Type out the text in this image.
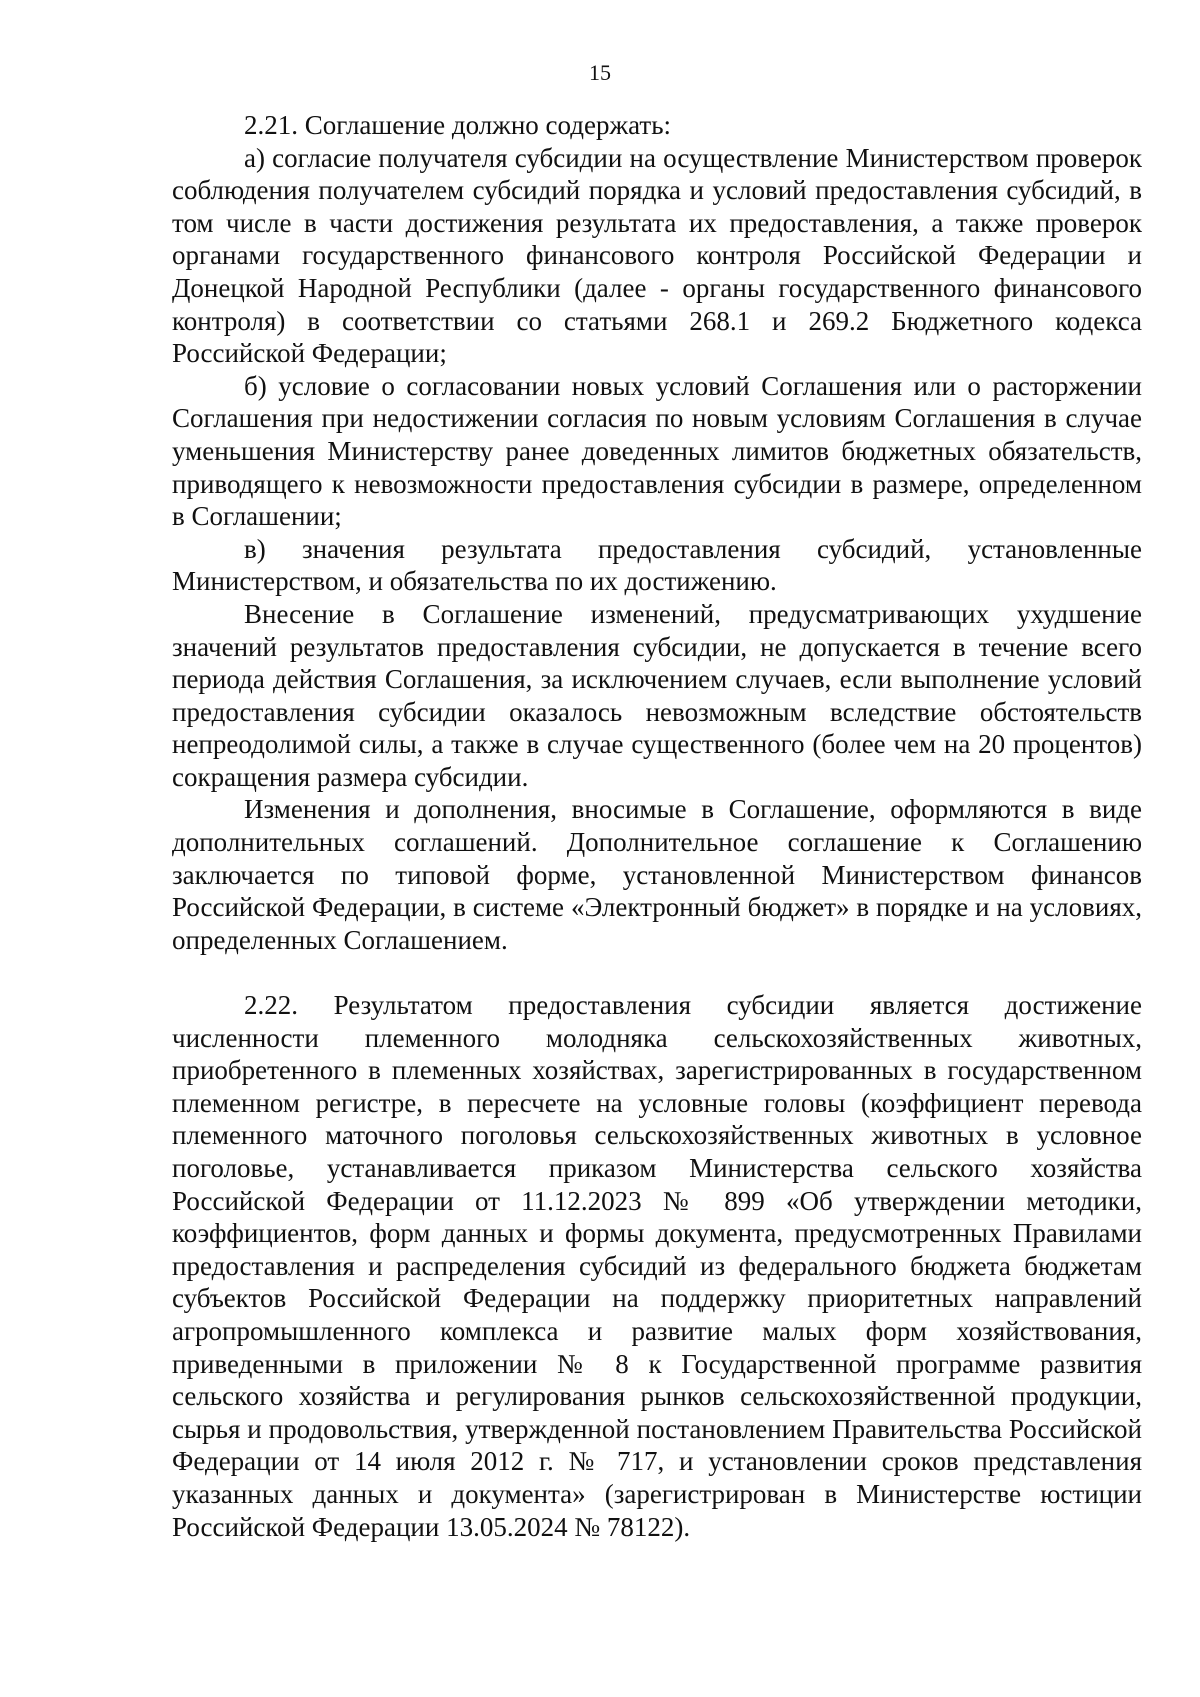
15

2.21. Соглашение должно содержать:

а) согласие получателя субсидии на осуществление Министерством проверок соблюдения получателем субсидий порядка и условий предоставления субсидий, в том числе в части достижения результата их предоставления, а также проверок органами государственного финансового контроля Российской Федерации и Донецкой Народной Республики (далее - органы государственного финансового контроля) в соответствии со статьями 268.1 и 269.2 Бюджетного кодекса Российской Федерации;

б) условие о согласовании новых условий Соглашения или о расторжении Соглашения при недостижении согласия по новым условиям Соглашения в случае уменьшения Министерству ранее доведенных лимитов бюджетных обязательств, приводящего к невозможности предоставления субсидии в размере, определенном в Соглашении;

в) значения результата предоставления субсидий, установленные Министерством, и обязательства по их достижению.

Внесение в Соглашение изменений, предусматривающих ухудшение значений результатов предоставления субсидии, не допускается в течение всего периода действия Соглашения, за исключением случаев, если выполнение условий предоставления субсидии оказалось невозможным вследствие обстоятельств непреодолимой силы, а также в случае существенного (более чем на 20 процентов) сокращения размера субсидии.

Изменения и дополнения, вносимые в Соглашение, оформляются в виде дополнительных соглашений. Дополнительное соглашение к Соглашению заключается по типовой форме, установленной Министерством финансов Российской Федерации, в системе «Электронный бюджет» в порядке и на условиях, определенных Соглашением.

2.22. Результатом предоставления субсидии является достижение численности племенного молодняка сельскохозяйственных животных, приобретенного в племенных хозяйствах, зарегистрированных в государственном племенном регистре, в пересчете на условные головы (коэффициент перевода племенного маточного поголовья сельскохозяйственных животных в условное поголовье, устанавливается приказом Министерства сельского хозяйства Российской Федерации от 11.12.2023 № 899 «Об утверждении методики, коэффициентов, форм данных и формы документа, предусмотренных Правилами предоставления и распределения субсидий из федерального бюджета бюджетам субъектов Российской Федерации на поддержку приоритетных направлений агропромышленного комплекса и развитие малых форм хозяйствования, приведенными в приложении № 8 к Государственной программе развития сельского хозяйства и регулирования рынков сельскохозяйственной продукции, сырья и продовольствия, утвержденной постановлением Правительства Российской Федерации от 14 июля 2012 г. № 717, и установлении сроков представления указанных данных и документа» (зарегистрирован в Министерстве юстиции Российской Федерации 13.05.2024 № 78122).
